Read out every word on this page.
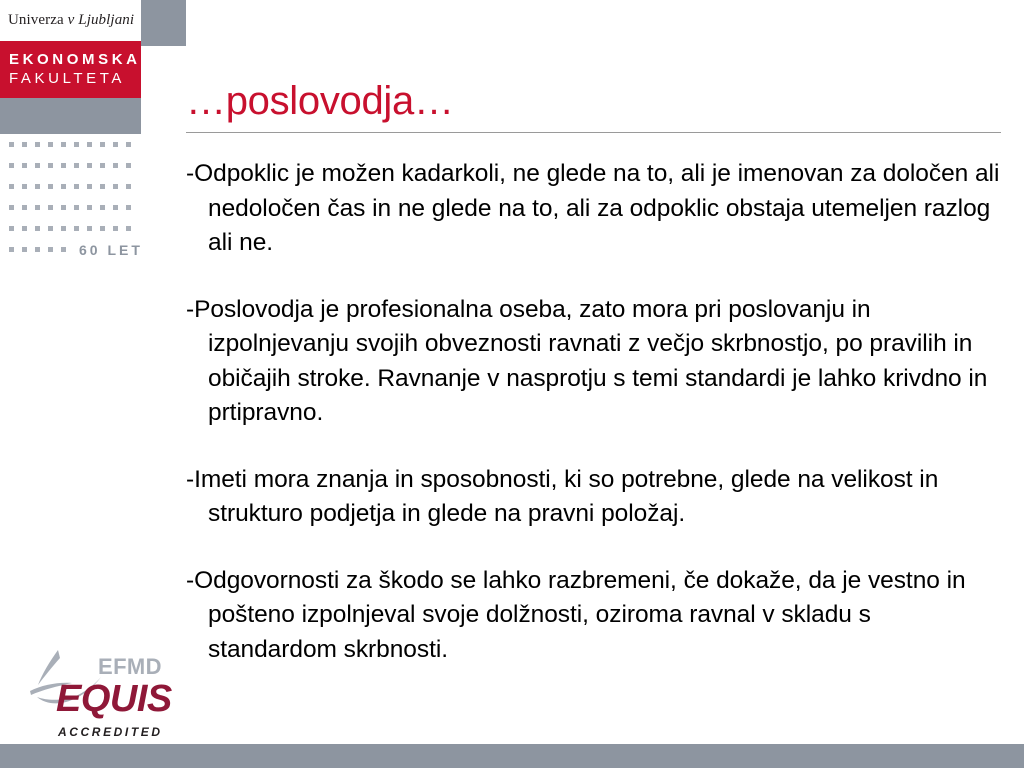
Univerza v Ljubljani
EKONOMSKA
FAKULTETA
60 LET
…poslovodja…

-Odpoklic je možen kadarkoli, ne glede na to, ali je imenovan za določen ali nedoločen čas in ne glede na to, ali za odpoklic obstaja utemeljen razlog ali ne.

-Poslovodja je profesionalna oseba, zato mora pri poslovanju in izpolnjevanju svojih obveznosti ravnati z večjo skrbnostjo, po pravilih in običajih stroke. Ravnanje v nasprotju s temi standardi je lahko krivdno in prtipravno.

-Imeti mora znanja in sposobnosti, ki so potrebne, glede na velikost in strukturo podjetja in glede na pravni položaj.

-Odgovornosti za škodo se lahko razbremeni, če dokaže, da je vestno in pošteno izpolnjeval svoje dolžnosti, oziroma ravnal v skladu s standardom skrbnosti.

EFMD
EQUIS
ACCREDITED
